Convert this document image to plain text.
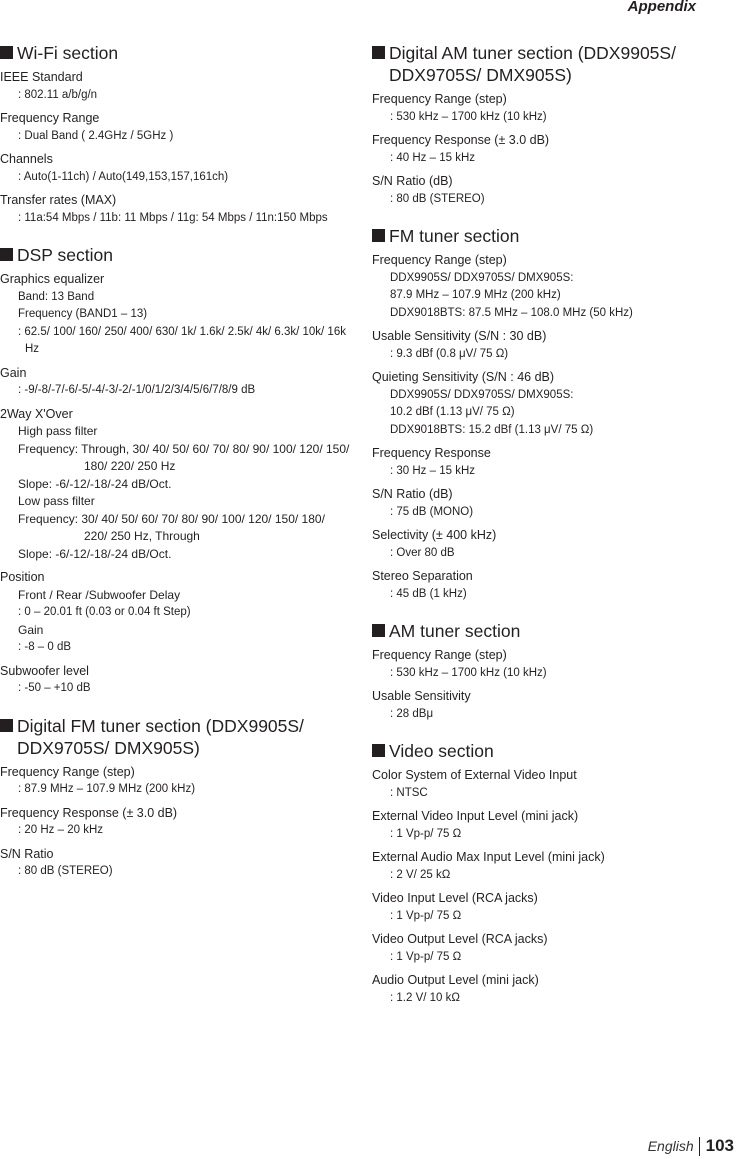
Appendix
Wi-Fi section
IEEE Standard
: 802.11 a/b/g/n
Frequency Range
: Dual Band ( 2.4GHz / 5GHz )
Channels
: Auto(1-11ch) / Auto(149,153,157,161ch)
Transfer rates (MAX)
: 11a:54 Mbps / 11b: 11 Mbps / 11g: 54 Mbps / 11n:150 Mbps
DSP section
Graphics equalizer
Band: 13 Band
Frequency (BAND1 – 13)
: 62.5/ 100/ 160/ 250/ 400/ 630/ 1k/ 1.6k/ 2.5k/ 4k/ 6.3k/ 10k/ 16k Hz
Gain
: -9/-8/-7/-6/-5/-4/-3/-2/-1/0/1/2/3/4/5/6/7/8/9 dB
2Way X'Over
High pass filter
Frequency: Through, 30/ 40/ 50/ 60/ 70/ 80/ 90/ 100/ 120/ 150/ 180/ 220/ 250 Hz
Slope: -6/-12/-18/-24 dB/Oct.
Low pass filter
Frequency: 30/ 40/ 50/ 60/ 70/ 80/ 90/ 100/ 120/ 150/ 180/ 220/ 250 Hz, Through
Slope: -6/-12/-18/-24 dB/Oct.
Position
Front / Rear /Subwoofer Delay
: 0 – 20.01 ft (0.03 or 0.04 ft Step)
Gain
: -8 – 0 dB
Subwoofer level
: -50 – +10 dB
Digital FM tuner section (DDX9905S/ DDX9705S/ DMX905S)
Frequency Range (step)
: 87.9 MHz – 107.9 MHz (200 kHz)
Frequency Response (± 3.0 dB)
: 20 Hz – 20 kHz
S/N Ratio
: 80 dB (STEREO)
Digital AM tuner section (DDX9905S/ DDX9705S/ DMX905S)
Frequency Range (step)
: 530 kHz – 1700 kHz (10 kHz)
Frequency Response (± 3.0 dB)
: 40 Hz – 15 kHz
S/N Ratio (dB)
: 80 dB (STEREO)
FM tuner section
Frequency Range (step)
DDX9905S/ DDX9705S/ DMX905S:
87.9 MHz – 107.9 MHz (200 kHz)
DDX9018BTS: 87.5 MHz – 108.0 MHz (50 kHz)
Usable Sensitivity (S/N : 30 dB)
: 9.3 dBf (0.8 μV/ 75 Ω)
Quieting Sensitivity (S/N : 46 dB)
DDX9905S/ DDX9705S/ DMX905S:
10.2 dBf (1.13 μV/ 75 Ω)
DDX9018BTS: 15.2 dBf (1.13 μV/ 75 Ω)
Frequency Response
: 30 Hz – 15 kHz
S/N Ratio (dB)
: 75 dB (MONO)
Selectivity (± 400 kHz)
: Over 80 dB
Stereo Separation
: 45 dB (1 kHz)
AM tuner section
Frequency Range (step)
: 530 kHz – 1700 kHz (10 kHz)
Usable Sensitivity
: 28 dBμ
Video section
Color System of External Video Input
: NTSC
External Video Input Level (mini jack)
: 1 Vp-p/ 75 Ω
External Audio Max Input Level (mini jack)
: 2 V/ 25 kΩ
Video Input Level (RCA jacks)
: 1 Vp-p/ 75 Ω
Video Output Level (RCA jacks)
: 1 Vp-p/ 75 Ω
Audio Output Level (mini jack)
: 1.2 V/ 10 kΩ
English 103
